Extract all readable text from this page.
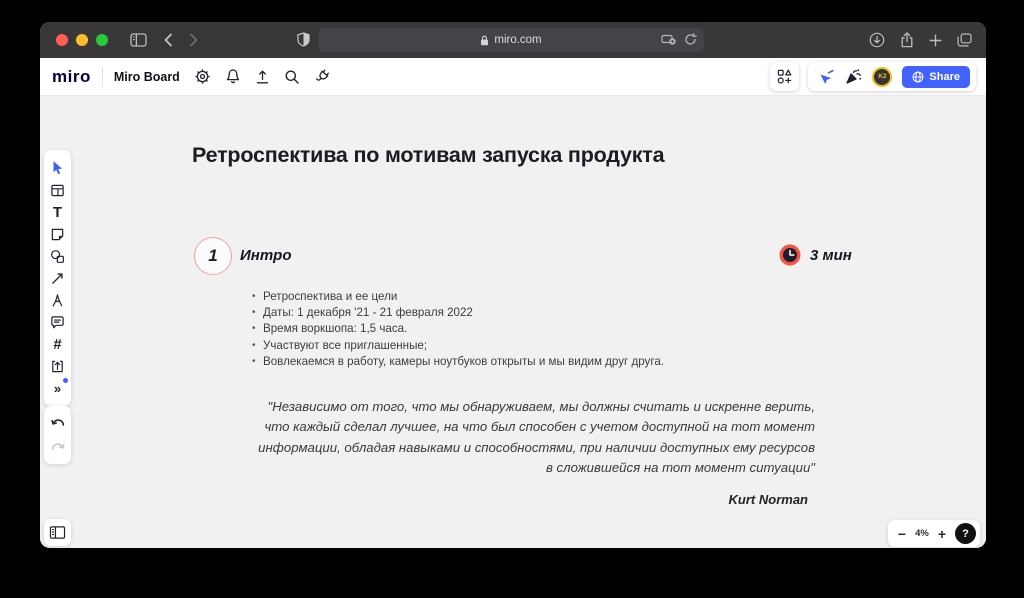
miro.com
miro Miro Board	K2	Share
T
#
»
− 4% +	?
Ретроспектива по мотивам запуска продукта
1 Интро	3 мин
• Ретроспектива и ее цели
• Даты: 1 декабря '21 - 21 февраля 2022
• Время воркшопа: 1,5 часа.
• Участвуют все приглашенные;
• Вовлекаемся в работу, камеры ноутбуков открыты и мы видим друг друга.
"Независимо от того, что мы обнаруживаем, мы должны считать и искренне верить,
что каждый сделал лучшее, на что был способен с учетом доступной на тот момент
информации, обладая навыками и способностями, при наличии доступных ему ресурсов
в сложившейся на тот момент ситуации"
Kurt Norman
